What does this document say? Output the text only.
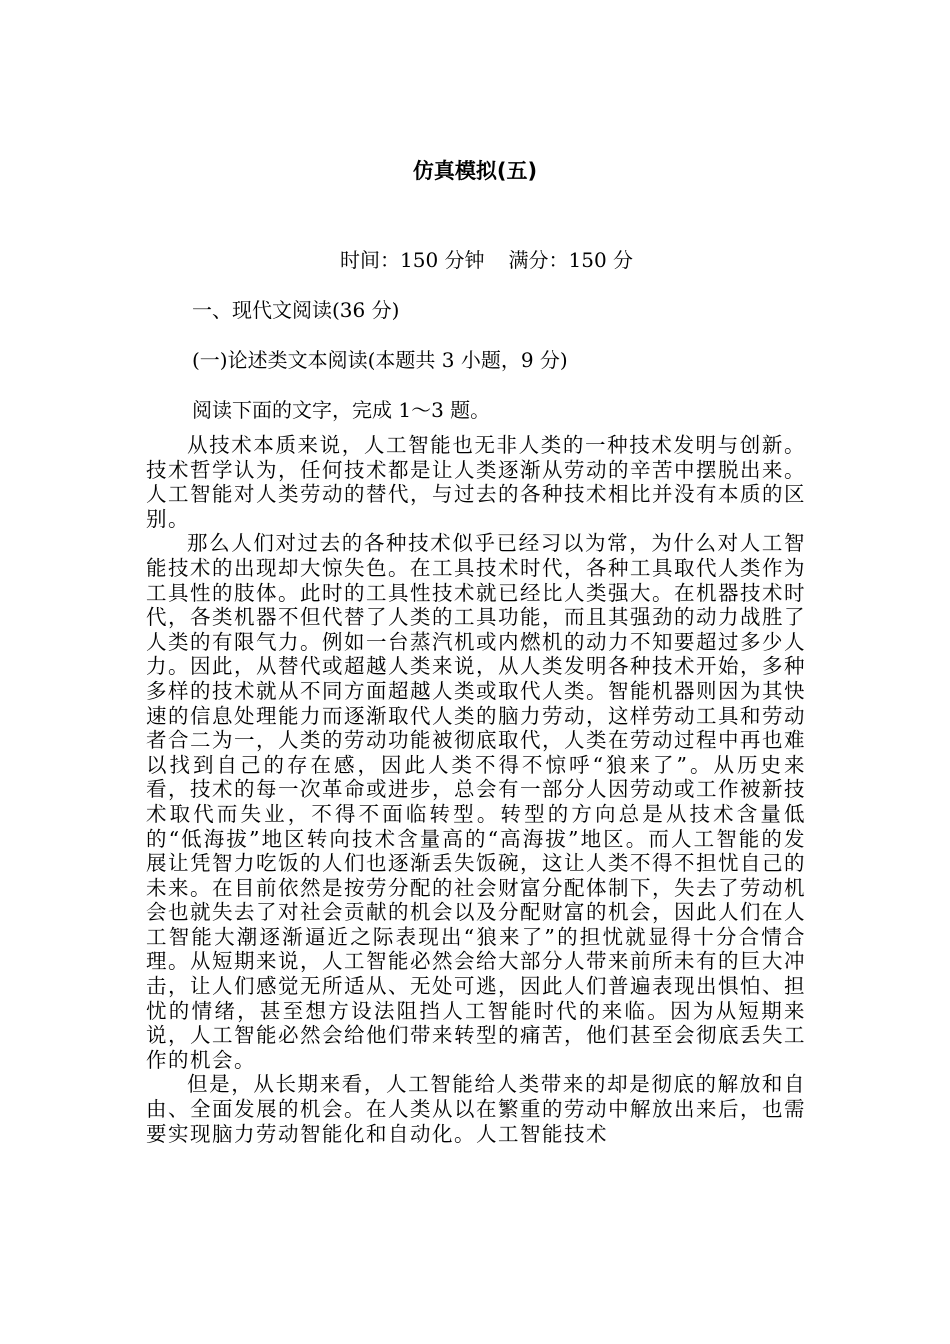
仿真模拟(五)
时间：150 分钟 满分：150 分
一、现代文阅读(36 分)
(一)论述类文本阅读(本题共 3 小题，9 分)
阅读下面的文字，完成 1～3 题。

从技术本质来说，人工智能也无非人类的一种技术发明与创新。技术哲学认为，任何技术都是让人类逐渐从劳动的辛苦中摆脱出来。人工智能对人类劳动的替代，与过去的各种技术相比并没有本质的区别。

那么人们对过去的各种技术似乎已经习以为常，为什么对人工智能技术的出现却大惊失色。在工具技术时代，各种工具取代人类作为工具性的肢体。此时的工具性技术就已经比人类强大。在机器技术时代，各类机器不但代替了人类的工具功能，而且其强劲的动力战胜了人类的有限气力。例如一台蒸汽机或内燃机的动力不知要超过多少人力。因此，从替代或超越人类来说，从人类发明各种技术开始，多种多样的技术就从不同方面超越人类或取代人类。智能机器则因为其快速的信息处理能力而逐渐取代人类的脑力劳动，这样劳动工具和劳动者合二为一，人类的劳动功能被彻底取代，人类在劳动过程中再也难以找到自己的存在感，因此人类不得不惊呼“狼来了”。从历史来看，技术的每一次革命或进步，总会有一部分人因劳动或工作被新技术取代而失业，不得不面临转型。转型的方向总是从技术含量低的“低海拔”地区转向技术含量高的“高海拔”地区。而人工智能的发展让凭智力吃饭的人们也逐渐丢失饭碗，这让人类不得不担忧自己的未来。在目前依然是按劳分配的社会财富分配体制下，失去了劳动机会也就失去了对社会贡献的机会以及分配财富的机会，因此人们在人工智能大潮逐渐逼近之际表现出“狼来了”的担忧就显得十分合情合理。从短期来说，人工智能必然会给大部分人带来前所未有的巨大冲击，让人们感觉无所适从、无处可逃，因此人们普遍表现出惧怕、担忧的情绪，甚至想方设法阻挡人工智能时代的来临。因为从短期来说，人工智能必然会给他们带来转型的痛苦，他们甚至会彻底丢失工作的机会。

但是，从长期来看，人工智能给人类带来的却是彻底的解放和自由、全面发展的机会。在人类从以在繁重的劳动中解放出来后，也需要实现脑力劳动智能化和自动化。人工智能技术
